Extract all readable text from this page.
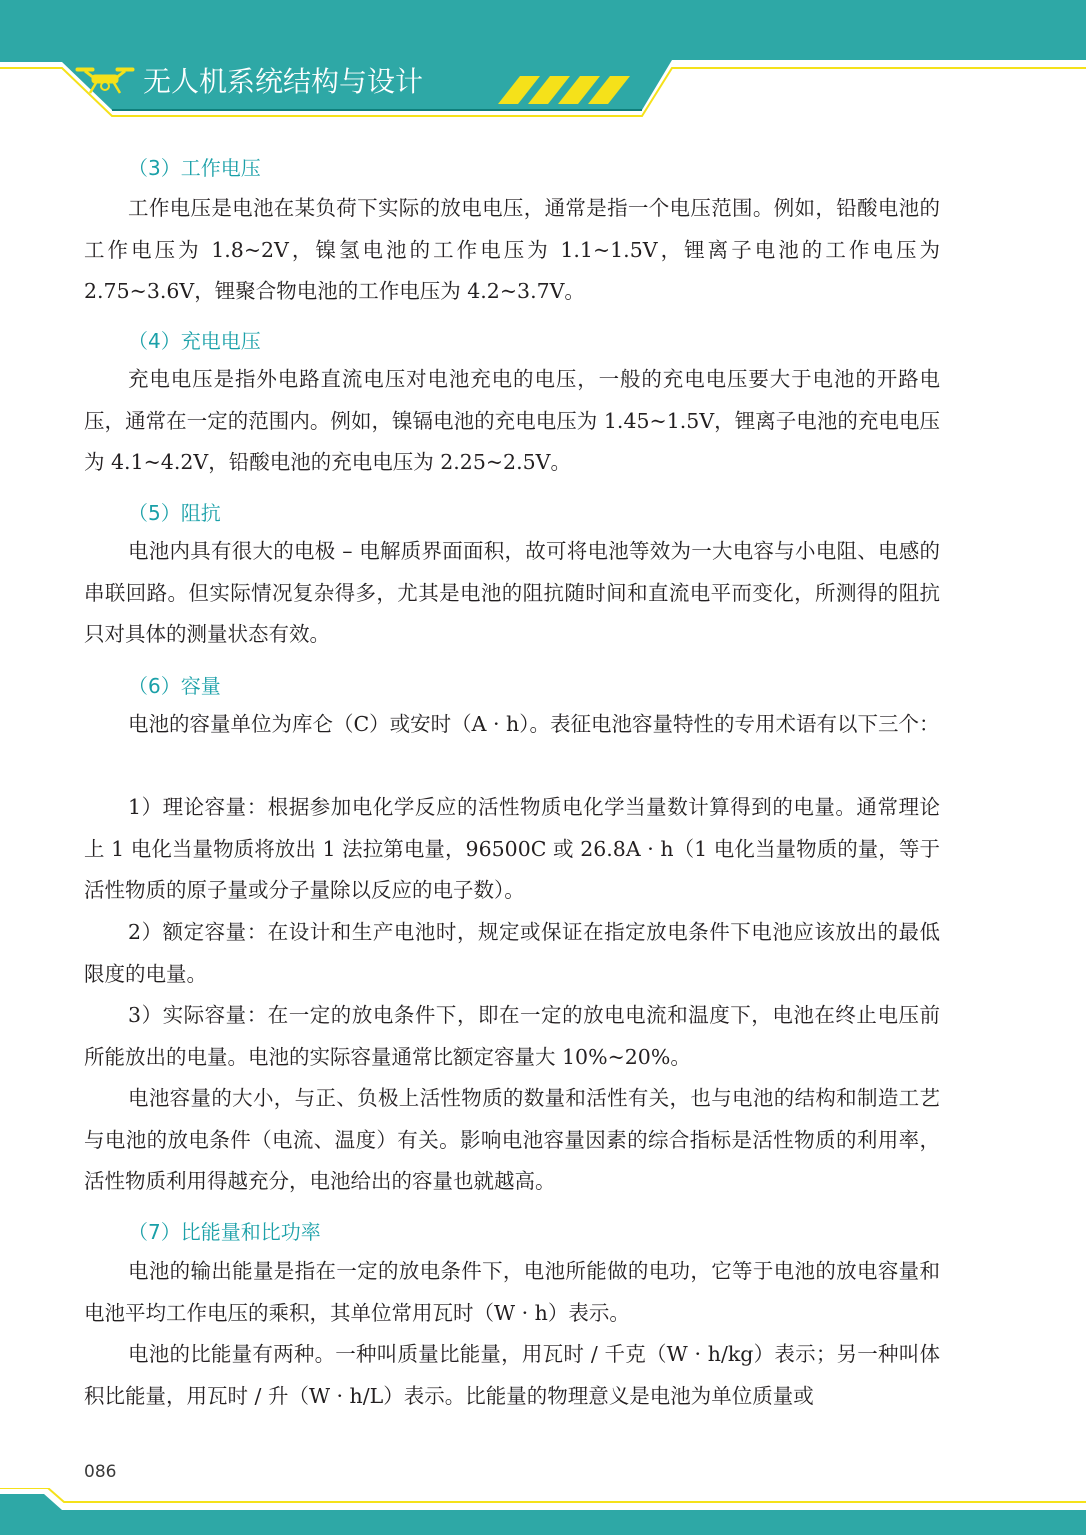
无人机系统结构与设计
（3）工作电压
工作电压是电池在某负荷下实际的放电电压，通常是指一个电压范围。例如，铅酸电池的工作电压为 1.8~2V，镍氢电池的工作电压为 1.1~1.5V，锂离子电池的工作电压为 2.75~3.6V，锂聚合物电池的工作电压为 4.2~3.7V。
（4）充电电压
充电电压是指外电路直流电压对电池充电的电压，一般的充电电压要大于电池的开路电压，通常在一定的范围内。例如，镍镉电池的充电电压为 1.45~1.5V，锂离子电池的充电电压为 4.1~4.2V，铅酸电池的充电电压为 2.25~2.5V。
（5）阻抗
电池内具有很大的电极 – 电解质界面面积，故可将电池等效为一大电容与小电阻、电感的串联回路。但实际情况复杂得多，尤其是电池的阻抗随时间和直流电平而变化，所测得的阻抗只对具体的测量状态有效。
（6）容量
电池的容量单位为库仑（C）或安时（A · h）。表征电池容量特性的专用术语有以下三个：
1）理论容量：根据参加电化学反应的活性物质电化学当量数计算得到的电量。通常理论上 1 电化当量物质将放出 1 法拉第电量，96500C 或 26.8A · h（1 电化当量物质的量，等于活性物质的原子量或分子量除以反应的电子数）。
2）额定容量：在设计和生产电池时，规定或保证在指定放电条件下电池应该放出的最低限度的电量。
3）实际容量：在一定的放电条件下，即在一定的放电电流和温度下，电池在终止电压前所能放出的电量。电池的实际容量通常比额定容量大 10%~20%。
电池容量的大小，与正、负极上活性物质的数量和活性有关，也与电池的结构和制造工艺与电池的放电条件（电流、温度）有关。影响电池容量因素的综合指标是活性物质的利用率，活性物质利用得越充分，电池给出的容量也就越高。
（7）比能量和比功率
电池的输出能量是指在一定的放电条件下，电池所能做的电功，它等于电池的放电容量和电池平均工作电压的乘积，其单位常用瓦时（W · h）表示。
电池的比能量有两种。一种叫质量比能量，用瓦时 / 千克（W · h/kg）表示；另一种叫体积比能量，用瓦时 / 升（W · h/L）表示。比能量的物理意义是电池为单位质量或
086
